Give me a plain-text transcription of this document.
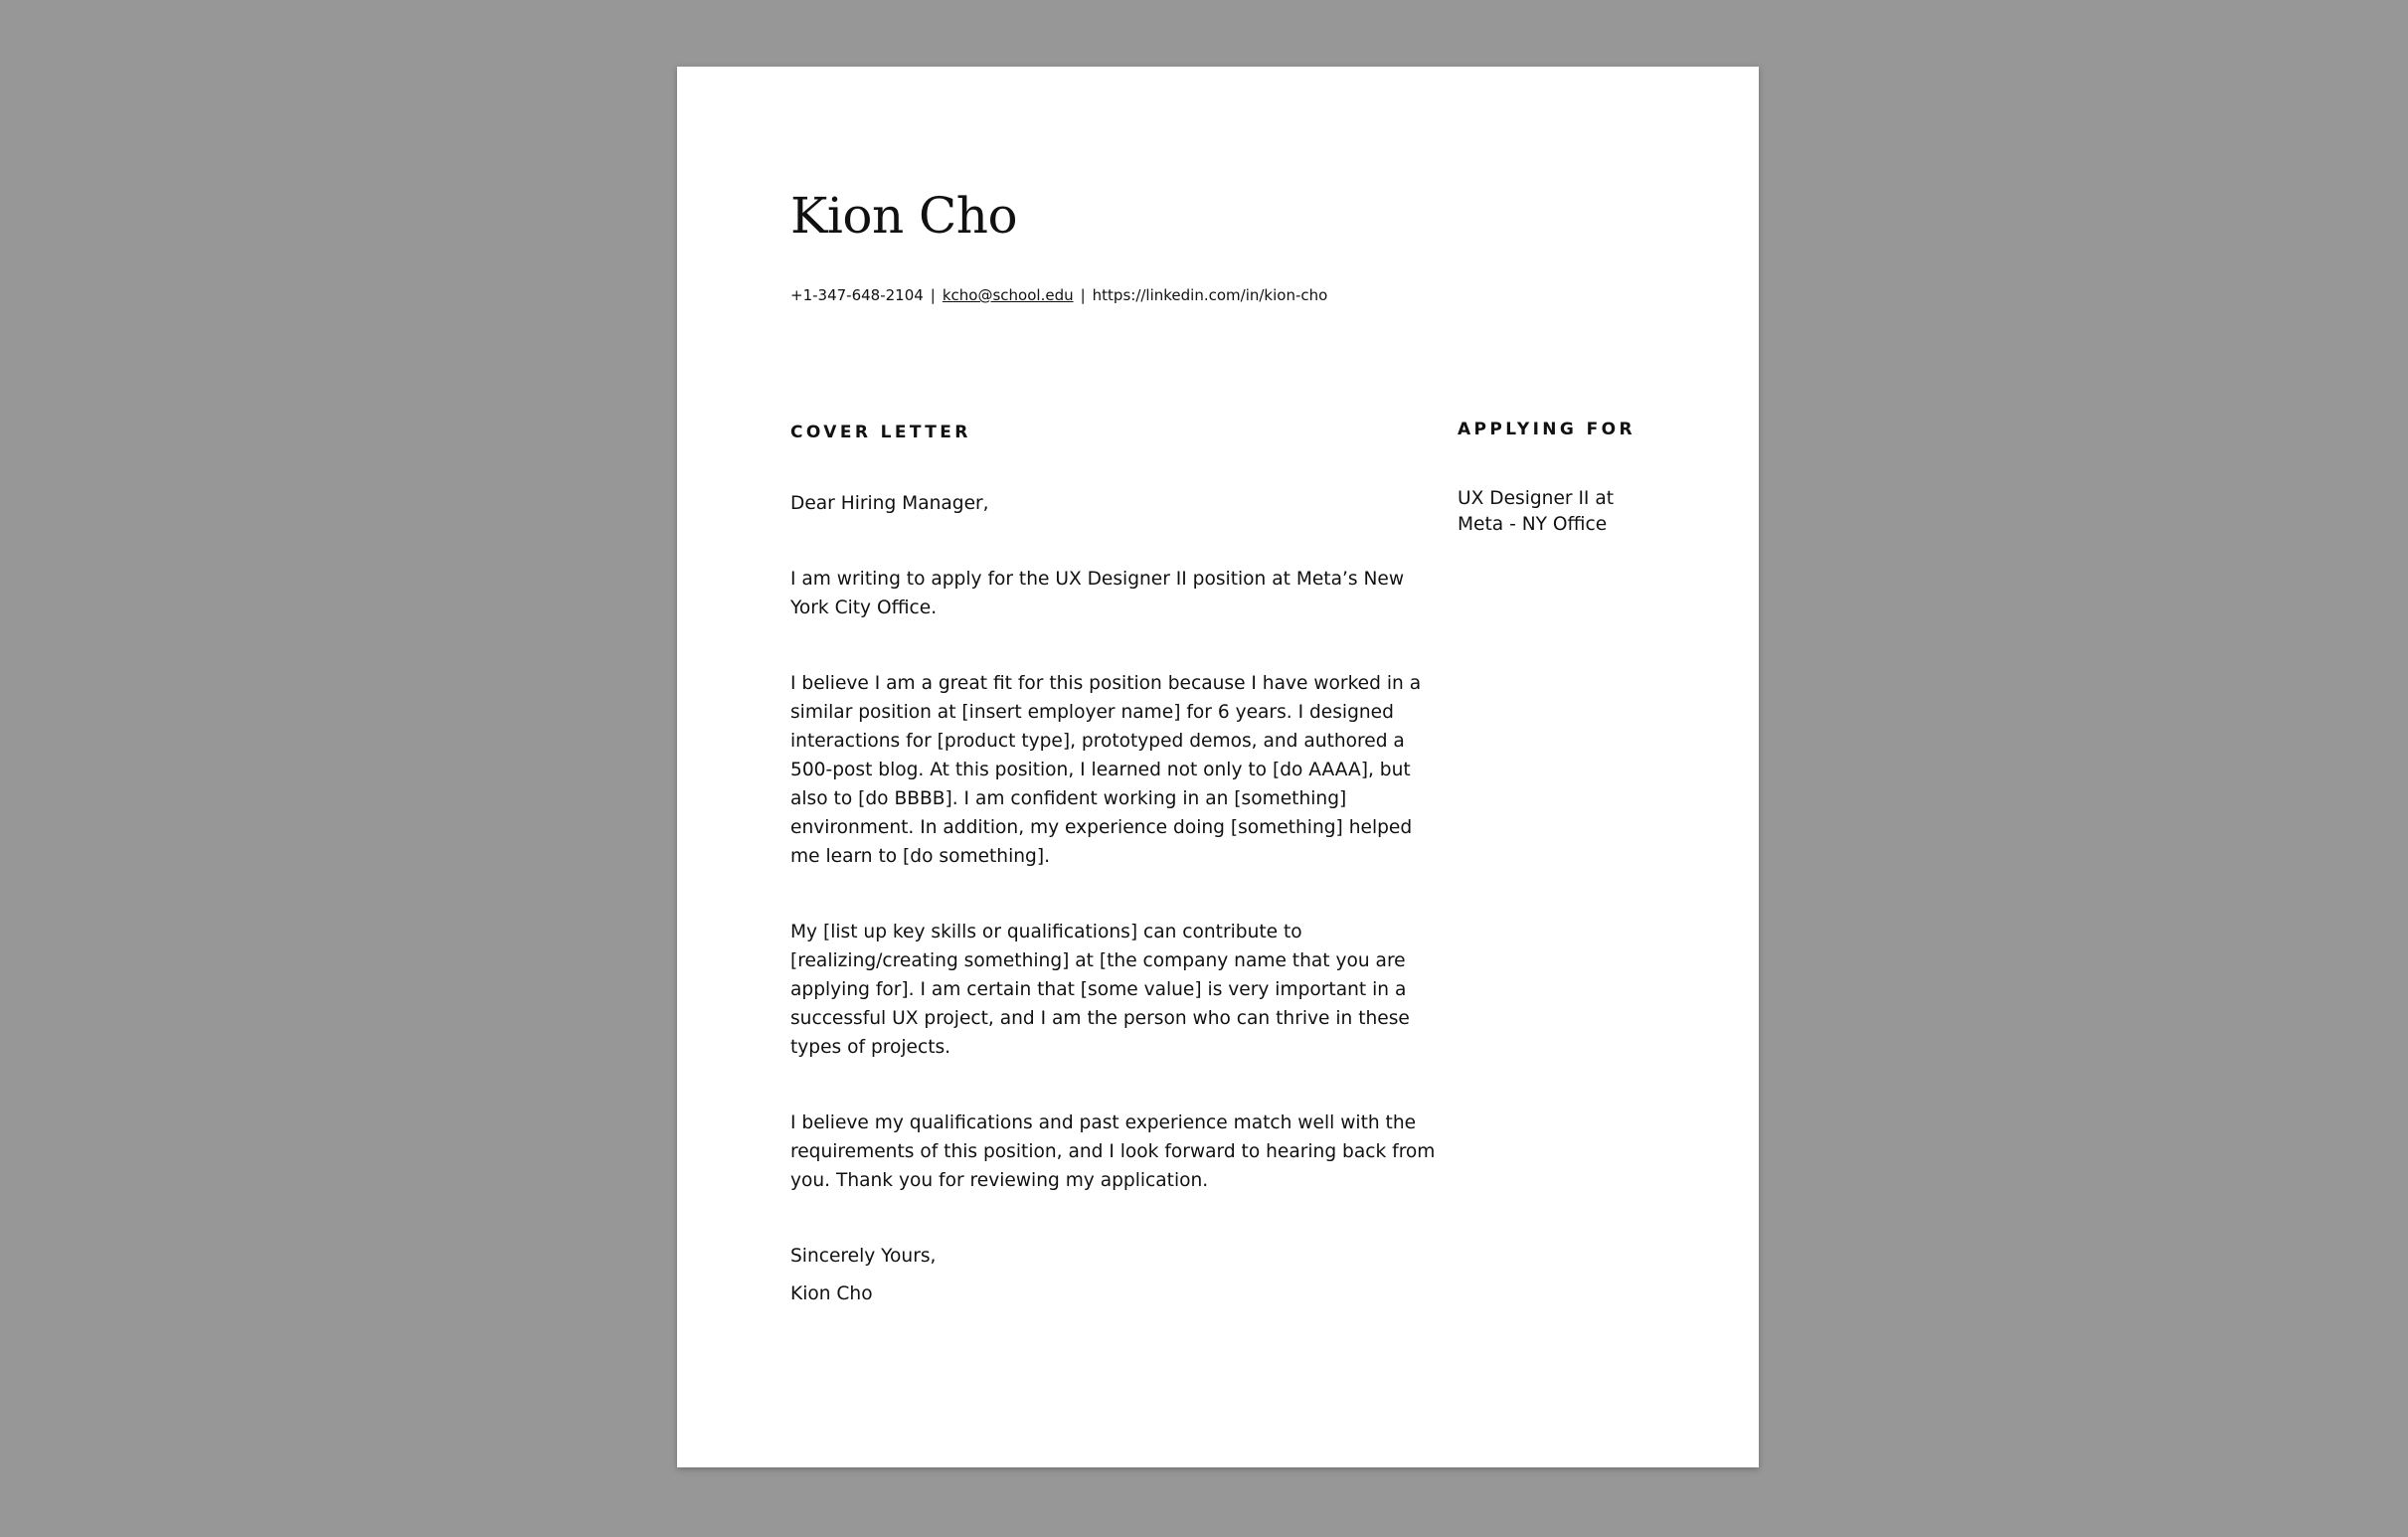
Kion Cho
+1-347-648-2104 | kcho@school.edu | https://linkedin.com/in/kion-cho
COVER LETTER	APPLYING FOR

Dear Hiring Manager,

I am writing to apply for the UX Designer II position at Meta’s New York City Office.

I believe I am a great fit for this position because I have worked in a similar position at [insert employer name] for 6 years. I designed interactions for [product type], prototyped demos, and authored a 500-post blog. At this position, I learned not only to [do AAAA], but also to [do BBBB]. I am confident working in an [something] environment. In addition, my experience doing [something] helped me learn to [do something].

My [list up key skills or qualifications] can contribute to [realizing/creating something] at [the company name that you are applying for]. I am certain that [some value] is very important in a successful UX project, and I am the person who can thrive in these types of projects.

I believe my qualifications and past experience match well with the requirements of this position, and I look forward to hearing back from you. Thank you for reviewing my application.

Sincerely Yours,

Kion Cho

UX Designer II at
Meta - NY Office
